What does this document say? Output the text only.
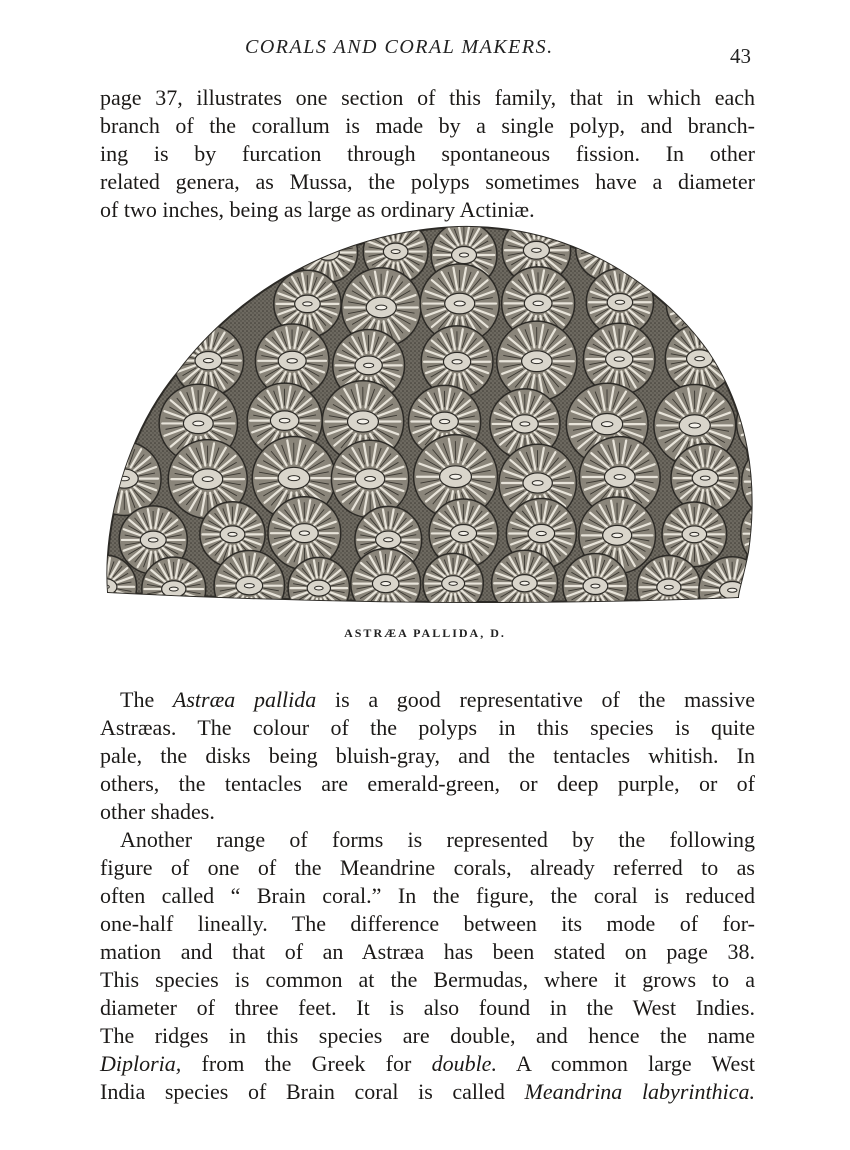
CORALS AND CORAL MAKERS.	43
page 37, illustrates one section of this family, that in which each
branch of the corallum is made by a single polyp, and branch-
ing is by furcation through spontaneous fission. In other
related genera, as Mussa, the polyps sometimes have a diameter
of two inches, being as large as ordinary Actiniæ.
ASTRÆA PALLIDA, D.
The Astræa pallida is a good representative of the massive
Astræas. The colour of the polyps in this species is quite
pale, the disks being bluish-gray, and the tentacles whitish. In
others, the tentacles are emerald-green, or deep purple, or of
other shades.
Another range of forms is represented by the following
figure of one of the Meandrine corals, already referred to as
often called “ Brain coral.” In the figure, the coral is reduced
one-half lineally. The difference between its mode of for-
mation and that of an Astræa has been stated on page 38.
This species is common at the Bermudas, where it grows to a
diameter of three feet. It is also found in the West Indies.
The ridges in this species are double, and hence the name
Diploria, from the Greek for double. A common large West
India species of Brain coral is called Meandrina labyrinthica.
